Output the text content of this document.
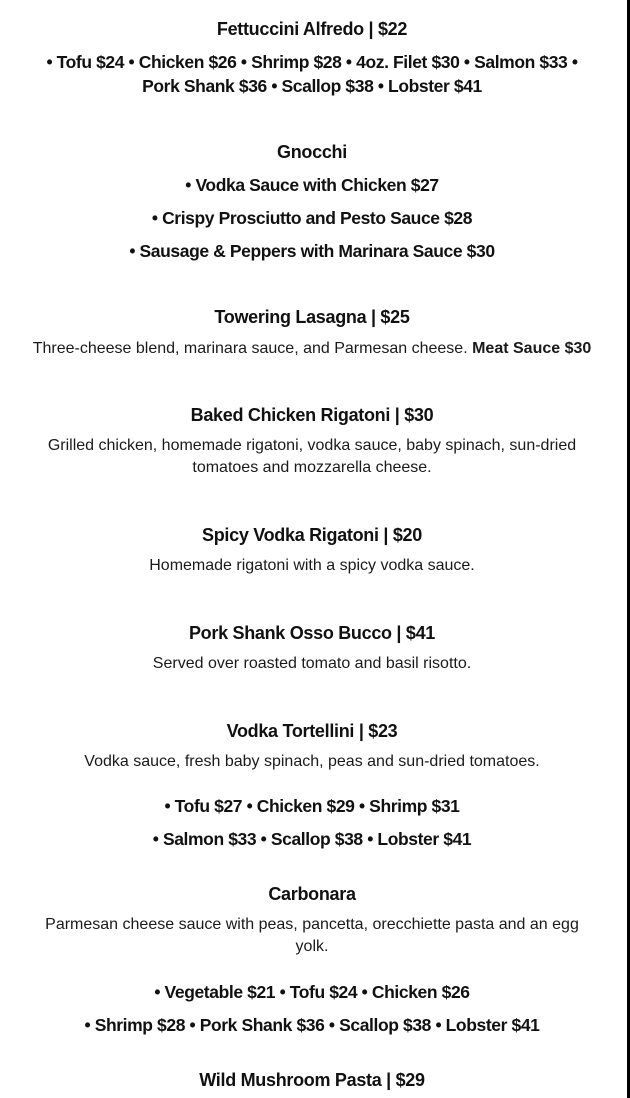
Fettuccini Alfredo | $22
• Tofu $24 • Chicken $26 • Shrimp $28 • 4oz. Filet $30 • Salmon $33 •
Pork Shank $36 • Scallop $38 • Lobster $41
Gnocchi
• Vodka Sauce with Chicken $27
• Crispy Prosciutto and Pesto Sauce $28
• Sausage & Peppers with Marinara Sauce $30
Towering Lasagna | $25
Three-cheese blend, marinara sauce, and Parmesan cheese. Meat Sauce $30
Baked Chicken Rigatoni | $30
Grilled chicken, homemade rigatoni, vodka sauce, baby spinach, sun-dried tomatoes and mozzarella cheese.
Spicy Vodka Rigatoni | $20
Homemade rigatoni with a spicy vodka sauce.
Pork Shank Osso Bucco | $41
Served over roasted tomato and basil risotto.
Vodka Tortellini | $23
Vodka sauce, fresh baby spinach, peas and sun-dried tomatoes.
• Tofu $27 • Chicken $29 • Shrimp $31
• Salmon $33 • Scallop $38 • Lobster $41
Carbonara
Parmesan cheese sauce with peas, pancetta, orecchiette pasta and an egg yolk.
• Vegetable $21 • Tofu $24 • Chicken $26
• Shrimp $28 • Pork Shank $36 • Scallop $38 • Lobster $41
Wild Mushroom Pasta | $29
